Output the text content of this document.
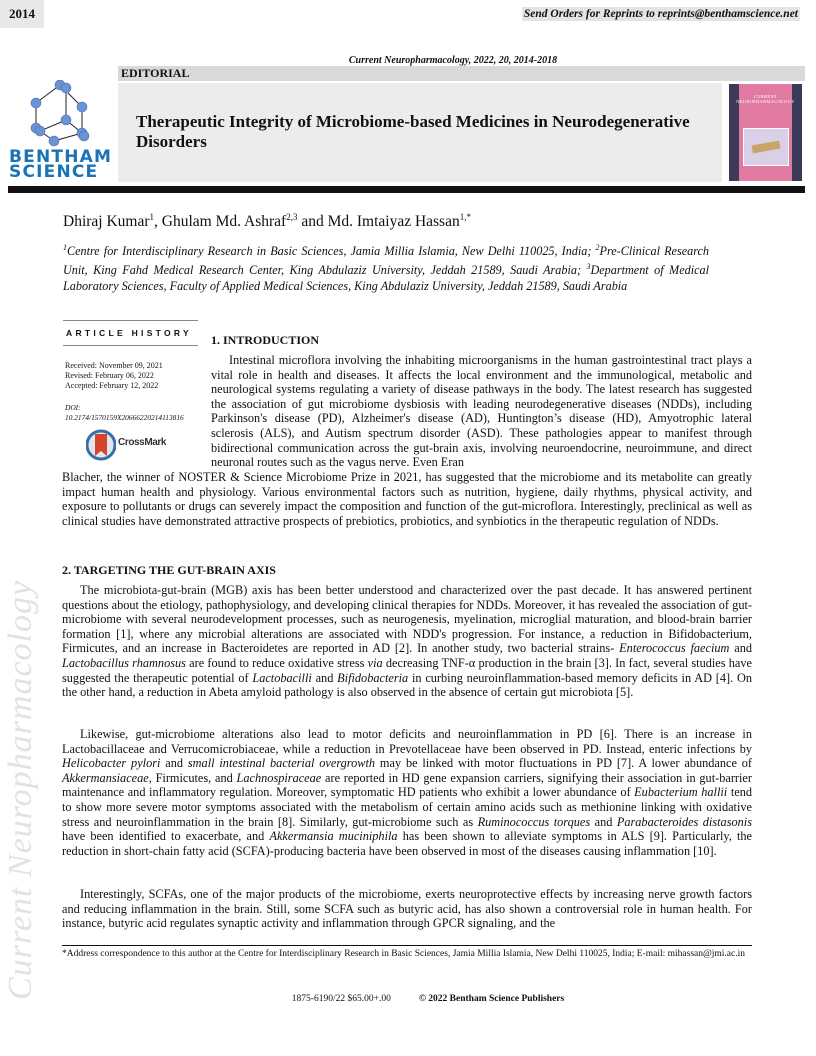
2014	Send Orders for Reprints to reprints@benthamscience.net
Current Neuropharmacology, 2022, 20, 2014-2018
EDITORIAL
BENTHAM
SCIENCE
Therapeutic Integrity of Microbiome-based Medicines in Neurodegenerative Disorders
CURRENT
NEUROPHARMACOLOGY
Dhiraj Kumar$^1$, Ghulam Md. Ashraf$^{2,3}$ and Md. Imtaiyaz Hassan$^{1,*}$
$^1$Centre for Interdisciplinary Research in Basic Sciences, Jamia Millia Islamia, New Delhi 110025, India; $^2$Pre-Clinical Research Unit, King Fahd Medical Research Center, King Abdulaziz University, Jeddah 21589, Saudi Arabia; $^3$Department of Medical Laboratory Sciences, Faculty of Applied Medical Sciences, King Abdulaziz University, Jeddah 21589, Saudi Arabia
ARTICLE HISTORY
Received: November 09, 2021
Revised: February 06, 2022
Accepted: February 12, 2022
DOI:
10.2174/1570159X20666220214113816
CrossMark
1. INTRODUCTION
Intestinal microflora involving the inhabiting microorganisms in the human gastrointestinal tract plays a vital role in health and diseases. It affects the local environment and the immunological, metabolic and neurological systems regulating a variety of disease pathways in the body. The latest research has suggested the association of gut microbiome dysbiosis with leading neurodegenerative diseases (NDDs), including Parkinson's disease (PD), Alzheimer's disease (AD), Huntington’s disease (HD), Amyotrophic lateral sclerosis (ALS), and Autism spectrum disorder (ASD). These pathologies appear to manifest through bidirectional communication across the gut-brain axis, involving neuroendocrine, neuroimmune, and direct neuronal routes such as the vagus nerve. Even Eran
Blacher, the winner of NOSTER & Science Microbiome Prize in 2021, has suggested that the microbiome and its metabolite can greatly impact human health and physiology. Various environmental factors such as nutrition, hygiene, daily rhythms, physical activity, and exposure to pollutants or drugs can severely impact the composition and function of the gut-microflora. Interestingly, preclinical as well as clinical studies have demonstrated attractive prospects of prebiotics, probiotics, and synbiotics in the therapeutic regulation of NDDs.
2. TARGETING THE GUT-BRAIN AXIS
The microbiota-gut-brain (MGB) axis has been better understood and characterized over the past decade. It has answered pertinent questions about the etiology, pathophysiology, and developing clinical therapies for NDDs. Moreover, it has revealed the association of gut-microbiome with several neurodevelopment processes, such as neurogenesis, myelination, microglial maturation, and blood-brain barrier formation [1], where any microbial alterations are associated with NDD's progression. For instance, a reduction in Bifidobacterium, Firmicutes, and an increase in Bacteroidetes are reported in AD [2]. In another study, two bacterial strains- Enterococcus faecium and Lactobacillus rhamnosus are found to reduce oxidative stress via decreasing TNF-α production in the brain [3]. In fact, several studies have suggested the therapeutic potential of Lactobacilli and Bifidobacteria in curbing neuroinflammation-based memory deficits in AD [4]. On the other hand, a reduction in Abeta amyloid pathology is also observed in the absence of certain gut microbiota [5].
Likewise, gut-microbiome alterations also lead to motor deficits and neuroinflammation in PD [6]. There is an increase in Lactobacillaceae and Verrucomicrobiaceae, while a reduction in Prevotellaceae have been observed in PD. Instead, enteric infections by Helicobacter pylori and small intestinal bacterial overgrowth may be linked with motor fluctuations in PD [7]. A lower abundance of Akkermansiaceae, Firmicutes, and Lachnospiraceae are reported in HD gene expansion carriers, signifying their association in gut-barrier maintenance and inflammatory regulation. Moreover, symptomatic HD patients who exhibit a lower abundance of Eubacterium hallii tend to show more severe motor symptoms associated with the metabolism of certain amino acids such as methionine linking with oxidative stress and neuroinflammation in the brain [8]. Similarly, gut-microbiome such as Ruminococcus torques and Parabacteroides distasonis have been identified to exacerbate, and Akkermansia muciniphila has been shown to alleviate symptoms in ALS [9]. Particularly, the reduction in short-chain fatty acid (SCFA)-producing bacteria have been observed in most of the diseases causing inflammation [10].
Interestingly, SCFAs, one of the major products of the microbiome, exerts neuroprotective effects by increasing nerve growth factors and reducing inflammation in the brain. Still, some SCFA such as butyric acid, has also shown a controversial role in human health. For instance, butyric acid regulates synaptic activity and inflammation through GPCR signaling, and the
*Address correspondence to this author at the Centre for Interdisciplinary Research in Basic Sciences, Jamia Millia Islamia, New Delhi 110025, India; E-mail: mihassan@jmi.ac.in
1875-6190/22 $65.00+.00	© 2022 Bentham Science Publishers
Current Neuropharmacology
